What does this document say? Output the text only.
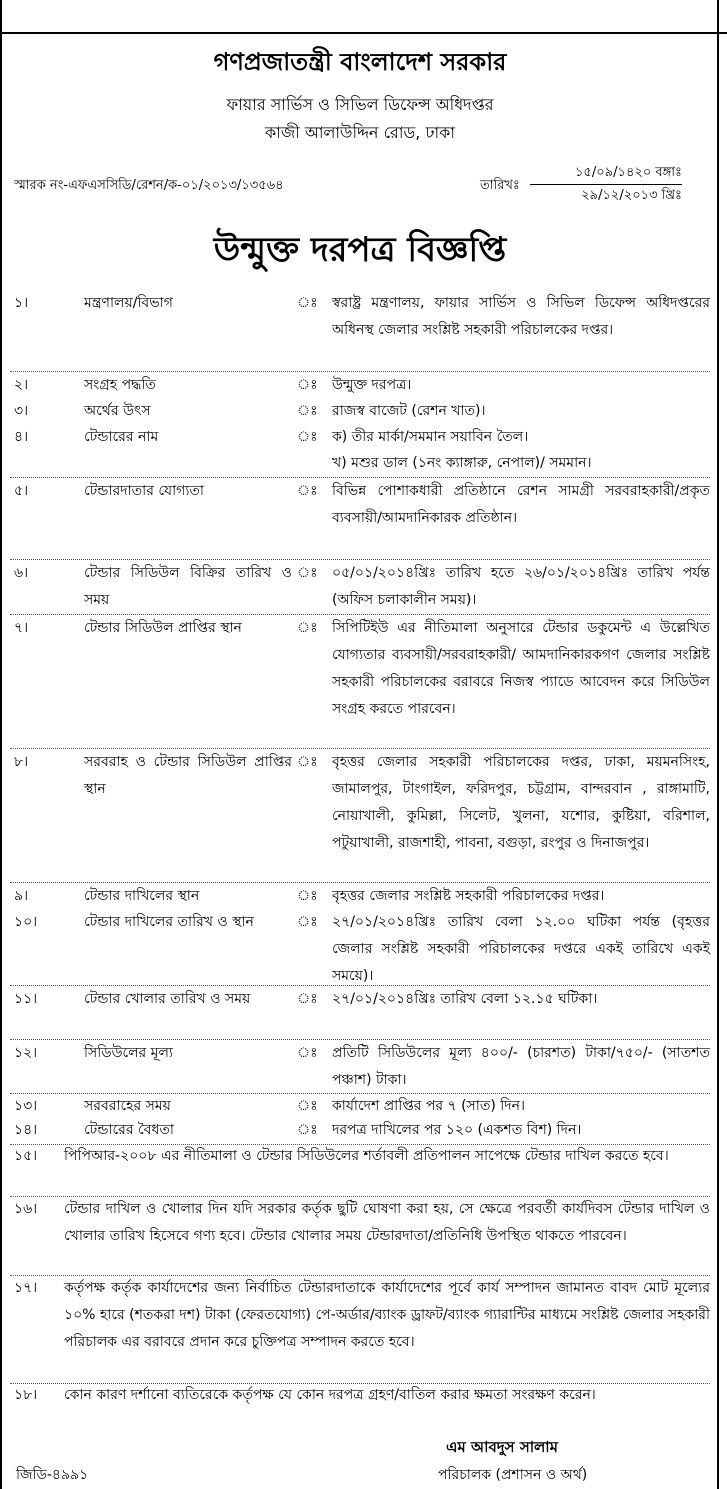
গণপ্রজাতন্ত্রী বাংলাদেশ সরকার
ফায়ার সার্ভিস ও সিভিল ডিফেন্স অধিদপ্তর
কাজী আলাউদ্দিন রোড, ঢাকা
স্মারক নং-এফএসসিডি/রেশন/ক-০১/২০১৩/১৩৫৬৪	তারিখঃ
১৫/০৯/১৪২০ বঙ্গাঃ
২৯/১২/২০১৩ খ্রিঃ
উন্মুক্ত দরপত্র বিজ্ঞপ্তি
১।	মন্ত্রণালয়/বিভাগ	ঃ স্বরাষ্ট্র মন্ত্রণালয়, ফায়ার সার্ভিস ও সিভিল ডিফেন্স অধিদপ্তরের অধিনস্থ জেলার সংশ্লিষ্ট সহকারী পরিচালকের দপ্তর।
২।	সংগ্রহ পদ্ধতি	ঃ উন্মুক্ত দরপত্র।
৩।	অর্থের উৎস	ঃ রাজস্ব বাজেট (রেশন খাত)।
৪।	টেন্ডারের নাম	ঃ ক) তীর মার্কা/সমমান সয়াবিন তৈল।
খ) মশুর ডাল (১নং ক্যাঙ্গারু, নেপাল)/ সমমান।
৫।	টেন্ডারদাতার যোগ্যতা	ঃ বিভিন্ন পোশাকধারী প্রতিষ্ঠানে রেশন সামগ্রী সরবরাহকারী/প্রকৃত ব্যবসায়ী/আমদানিকারক প্রতিষ্ঠান।
৬।	টেন্ডার সিডিউল বিক্রির তারিখ ও সময়
ঃ ০৫/০১/২০১৪খ্রিঃ তারিখ হতে ২৬/০১/২০১৪খ্রিঃ তারিখ পর্যন্ত (অফিস চলাকালীন সময়)।
৭।	টেন্ডার সিডিউল প্রাপ্তির স্থান	ঃ সিপিটিইউ এর নীতিমালা অনুসারে টেন্ডার ডকুমেন্ট এ উল্লেখিত যোগ্যতার ব্যবসায়ী/সরবরাহকারী/ আমদানিকারকগণ জেলার সংশ্লিষ্ট সহকারী পরিচালকের বরাবরে নিজস্ব প্যাডে আবেদন করে সিডিউল সংগ্রহ করতে পারবেন।
৮।	সরবরাহ ও টেন্ডার সিডিউল প্রাপ্তির স্থান
ঃ বৃহত্তর জেলার সহকারী পরিচালকের দপ্তর, ঢাকা, ময়মনসিংহ, জামালপুর, টাংগাইল, ফরিদপুর, চট্টগ্রাম, বান্দরবান , রাঙ্গামাটি, নোয়াখালী, কুমিল্লা, সিলেট, খুলনা, যশোর, কুষ্টিয়া, বরিশাল, পটুয়াখালী, রাজশাহী, পাবনা, বগুড়া, রংপুর ও দিনাজপুর।
৯।	টেন্ডার দাখিলের স্থান	ঃ বৃহত্তর জেলার সংশ্লিষ্ট সহকারী পরিচালকের দপ্তর।
১০।	টেন্ডার দাখিলের তারিখ ও স্থান	ঃ ২৭/০১/২০১৪খ্রিঃ তারিখ বেলা ১২.০০ ঘটিকা পর্যন্ত (বৃহত্তর জেলার সংশ্লিষ্ট সহকারী পরিচালকের দপ্তরে একই তারিখে একই সময়ে)।
১১।	টেন্ডার খোলার তারিখ ও সময়	ঃ ২৭/০১/২০১৪খ্রিঃ তারিখ বেলা ১২.১৫ ঘটিকা।
১২।	সিডিউলের মূল্য	ঃ প্রতিটি সিডিউলের মূল্য ৪০০/- (চারশত) টাকা/৭৫০/- (সাতশত পঞ্চাশ) টাকা।
১৩।	সরবরাহের সময়	ঃ কার্যাদেশ প্রাপ্তির পর ৭ (সাত) দিন।
১৪।	টেন্ডারের বৈধতা	ঃ দরপত্র দাখিলের পর ১২০ (একশত বিশ) দিন।
১৫।	পিপিআর-২০০৮ এর নীতিমালা ও টেন্ডার সিডিউলের শর্তাবলী প্রতিপালন সাপেক্ষে টেন্ডার দাখিল করতে হবে।
১৬।	টেন্ডার দাখিল ও খোলার দিন যদি সরকার কর্তৃক ছুটি ঘোষণা করা হয়, সে ক্ষেত্রে পরবর্তী কার্যদিবস টেন্ডার দাখিল ও খোলার তারিখ হিসেবে গণ্য হবে। টেন্ডার খোলার সময় টেন্ডারদাতা/প্রতিনিধি উপস্থিত থাকতে পারবেন।
১৭।	কর্তৃপক্ষ কর্তৃক কার্যাদেশের জন্য নির্বাচিত টেন্ডারদাতাকে কার্যাদেশের পূর্বে কার্য সম্পাদন জামানত বাবদ মোট মূল্যের ১০% হারে (শতকরা দশ) টাকা (ফেরতযোগ্য) পে-অর্ডার/ব্যাংক ড্রাফট/ব্যাংক গ্যারান্টির মাধ্যমে সংশ্লিষ্ট জেলার সহকারী পরিচালক এর বরাবরে প্রদান করে চুক্তিপত্র সম্পাদন করতে হবে।
১৮।	কোন কারণ দর্শানো ব্যতিরেকে কর্তৃপক্ষ যে কোন দরপত্র গ্রহণ/বাতিল করার ক্ষমতা সংরক্ষণ করেন।
এম আবদুস সালাম
পরিচালক (প্রশাসন ও অর্থ)
জিডি-৪৯৯১
